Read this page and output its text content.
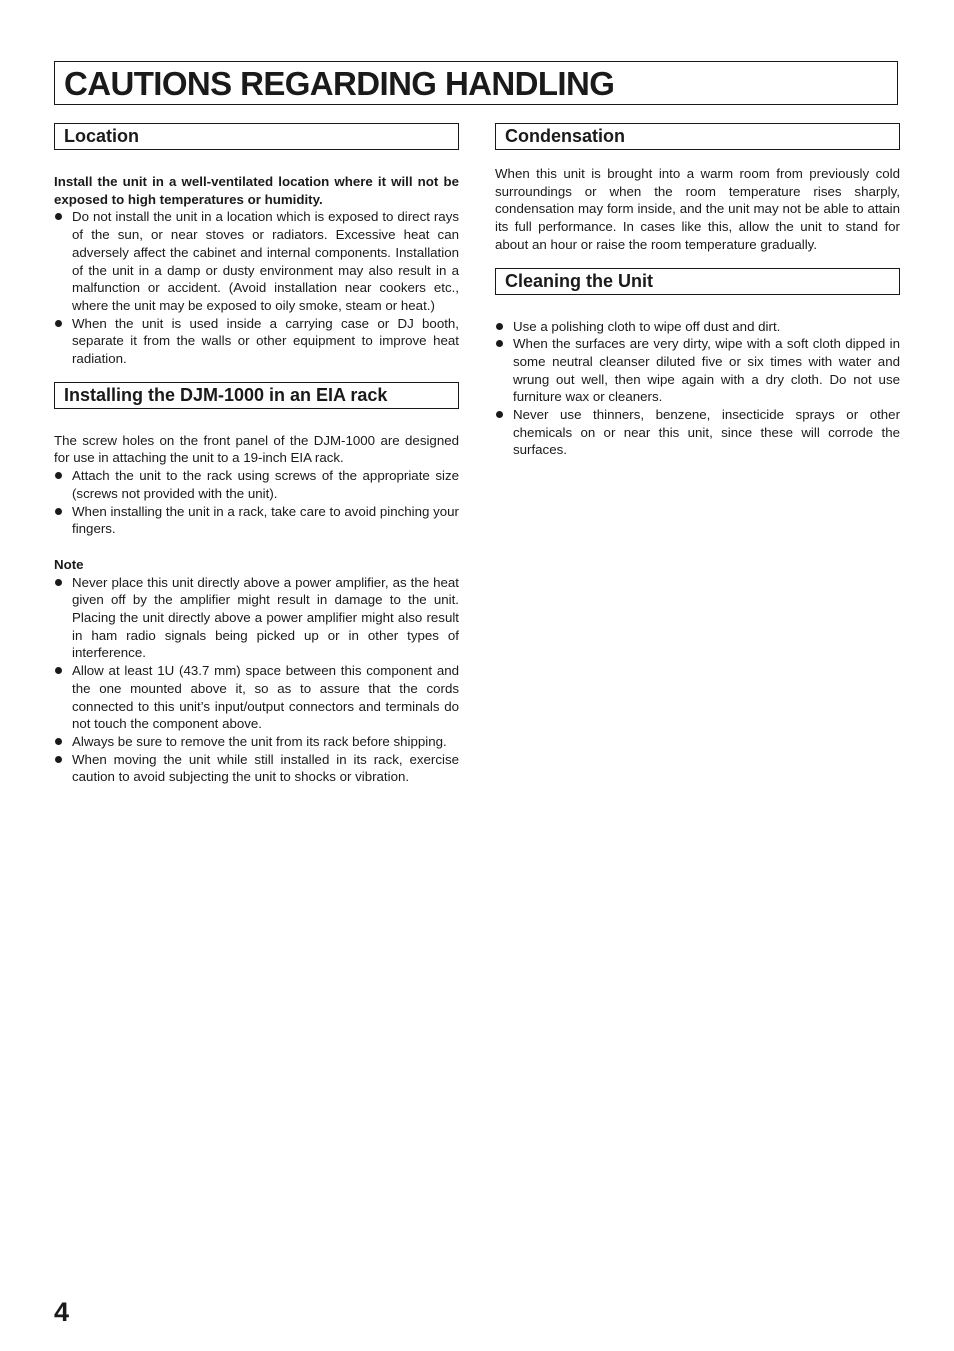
CAUTIONS REGARDING HANDLING
Location

Install the unit in a well-ventilated location where it will not be exposed to high temperatures or humidity.

Do not install the unit in a location which is exposed to direct rays of the sun, or near stoves or radiators. Excessive heat can adversely affect the cabinet and internal components. Installation of the unit in a damp or dusty environment may also result in a malfunction or accident. (Avoid installation near cookers etc., where the unit may be exposed to oily smoke, steam or heat.)
When the unit is used inside a carrying case or DJ booth, separate it from the walls or other equipment to improve heat radiation.
Installing the DJM-1000 in an EIA rack

The screw holes on the front panel of the DJM-1000 are designed for use in attaching the unit to a 19-inch EIA rack.

Attach the unit to the rack using screws of the appropriate size (screws not provided with the unit).
When installing the unit in a rack, take care to avoid pinching your fingers.

Note

Never place this unit directly above a power amplifier, as the heat given off by the amplifier might result in damage to the unit. Placing the unit directly above a power amplifier might also result in ham radio signals being picked up or in other types of interference.
Allow at least 1U (43.7 mm) space between this component and the one mounted above it, so as to assure that the cords connected to this unit’s input/output connectors and terminals do not touch the component above.
Always be sure to remove the unit from its rack before shipping.
When moving the unit while still installed in its rack, exercise caution to avoid subjecting the unit to shocks or vibration.
Condensation

When this unit is brought into a warm room from previously cold surroundings or when the room temperature rises sharply, condensation may form inside, and the unit may not be able to attain its full performance. In cases like this, allow the unit to stand for about an hour or raise the room temperature gradually.

Cleaning the Unit
Use a polishing cloth to wipe off dust and dirt.
When the surfaces are very dirty, wipe with a soft cloth dipped in some neutral cleanser diluted five or six times with water and wrung out well, then wipe again with a dry cloth. Do not use furniture wax or cleaners.
Never use thinners, benzene, insecticide sprays or other chemicals on or near this unit, since these will corrode the surfaces.

4
